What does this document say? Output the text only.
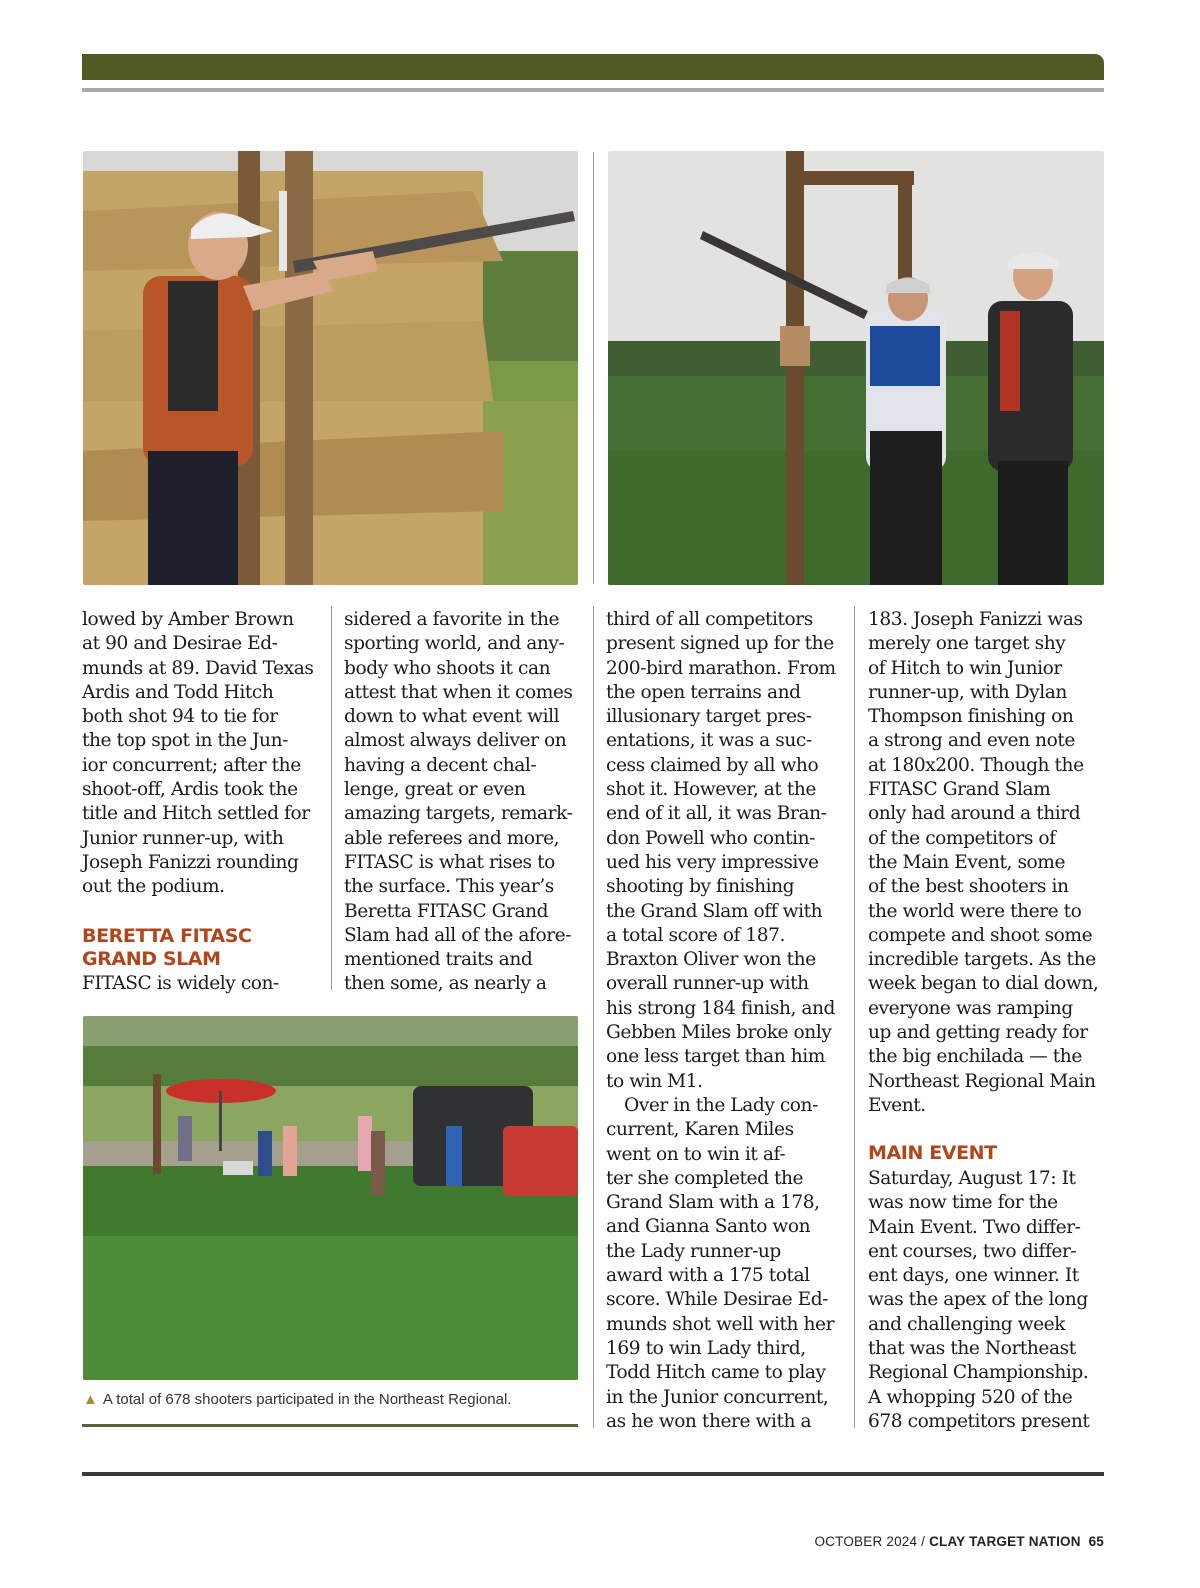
lowed by Amber Brown
at 90 and Desirae Ed-
munds at 89. David Texas
Ardis and Todd Hitch
both shot 94 to tie for
the top spot in the Jun-
ior concurrent; after the
shoot-off, Ardis took the
title and Hitch settled for
Junior runner-up, with
Joseph Fanizzi rounding
out the podium.

BERETTA FITASC
GRAND SLAM

FITASC is widely con-

sidered a favorite in the
sporting world, and any-
body who shoots it can
attest that when it comes
down to what event will
almost always deliver on
having a decent chal-
lenge, great or even
amazing targets, remark-
able referees and more,
FITASC is what rises to
the surface. This year’s
Beretta FITASC Grand
Slam had all of the afore-
mentioned traits and
then some, as nearly a

third of all competitors
present signed up for the
200-bird marathon. From
the open terrains and
illusionary target pres-
entations, it was a suc-
cess claimed by all who
shot it. However, at the
end of it all, it was Bran-
don Powell who contin-
ued his very impressive
shooting by finishing
the Grand Slam off with
a total score of 187.
Braxton Oliver won the
overall runner-up with
his strong 184 finish, and
Gebben Miles broke only
one less target than him
to win M1.

Over in the Lady con-
current, Karen Miles
went on to win it af-
ter she completed the
Grand Slam with a 178,
and Gianna Santo won
the Lady runner-up
award with a 175 total
score. While Desirae Ed-
munds shot well with her
169 to win Lady third,
Todd Hitch came to play
in the Junior concurrent,
as he won there with a

183. Joseph Fanizzi was
merely one target shy
of Hitch to win Junior
runner-up, with Dylan
Thompson finishing on
a strong and even note
at 180x200. Though the
FITASC Grand Slam
only had around a third
of the competitors of
the Main Event, some
of the best shooters in
the world were there to
compete and shoot some
incredible targets. As the
week began to dial down,
everyone was ramping
up and getting ready for
the big enchilada — the
Northeast Regional Main
Event.

MAIN EVENT

Saturday, August 17: It
was now time for the
Main Event. Two differ-
ent courses, two differ-
ent days, one winner. It
was the apex of the long
and challenging week
that was the Northeast
Regional Championship.
A whopping 520 of the
678 competitors present

▲ A total of 678 shooters participated in the Northeast Regional.
OCTOBER 2024 / CLAY TARGET NATION 65
